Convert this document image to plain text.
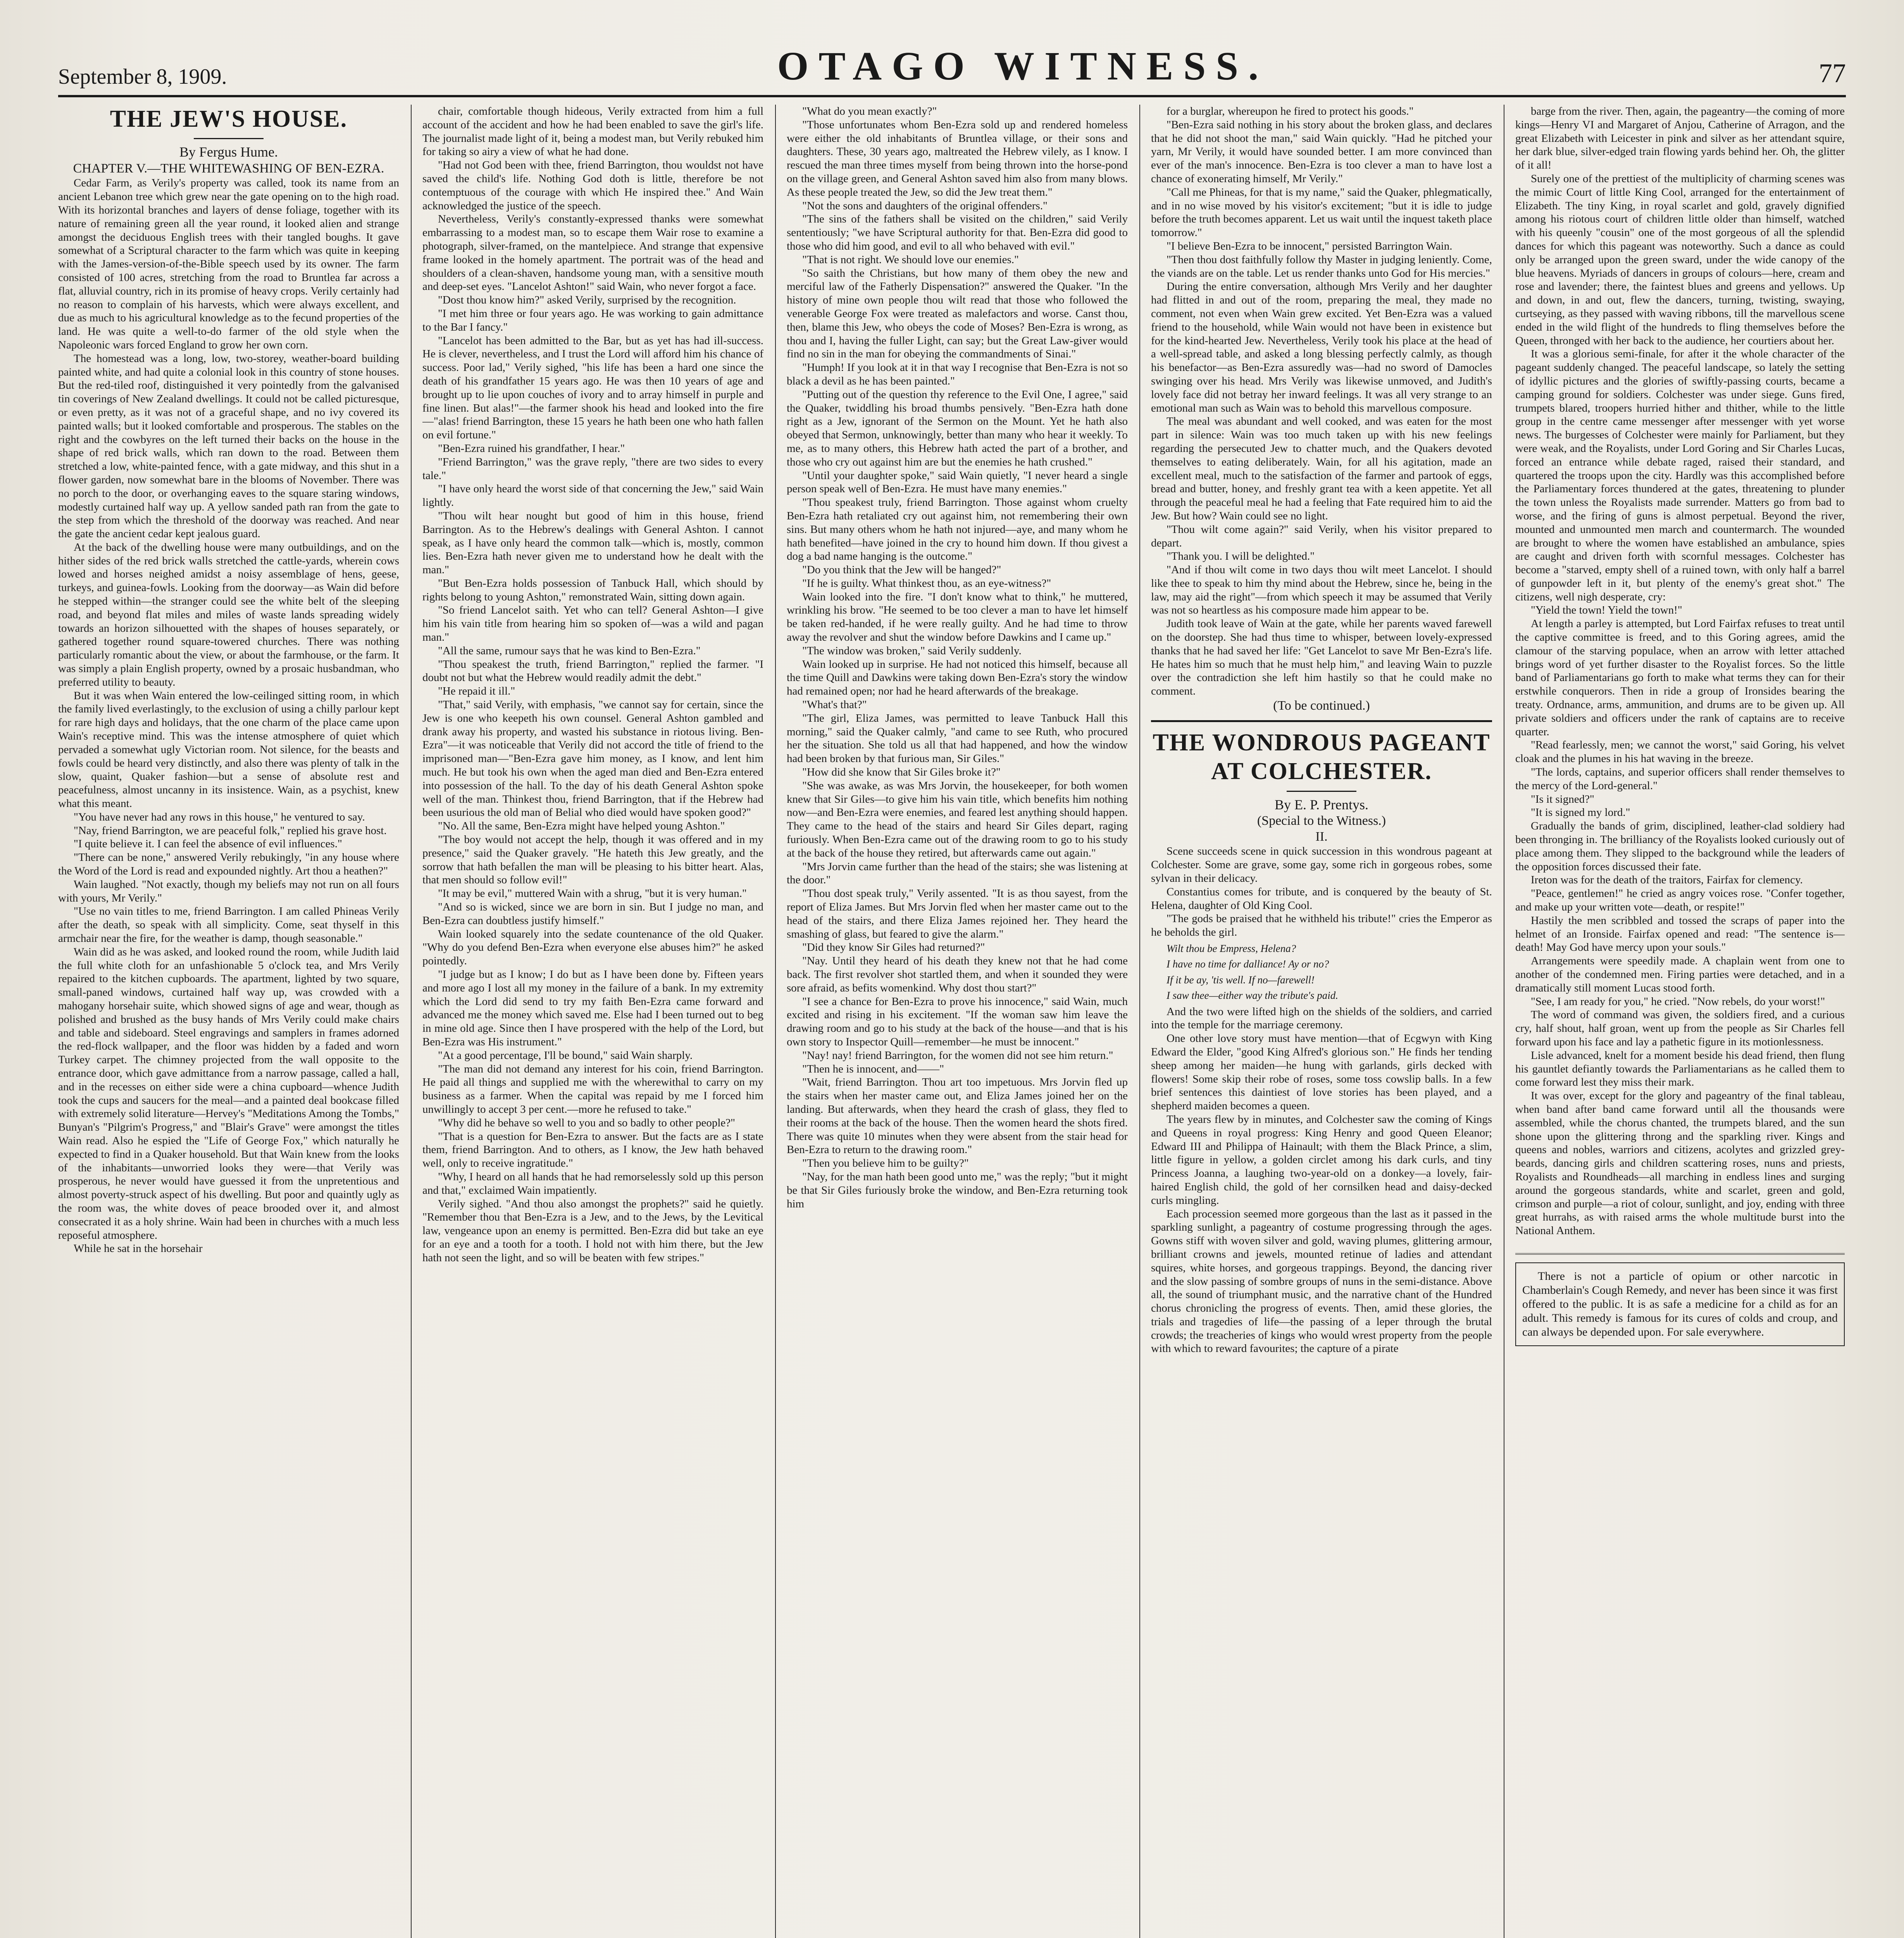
September 8, 1909.	OTAGO WITNESS.	77

THE JEW'S HOUSE.

By Fergus Hume.

CHAPTER V.—THE WHITEWASHING OF BEN-EZRA.

Cedar Farm, as Verily's property was called, took its name from an ancient Lebanon tree which grew near the gate opening on to the high road. With its horizontal branches and layers of dense foliage, together with its nature of remaining green all the year round, it looked alien and strange amongst the deciduous English trees with their tangled boughs. It gave somewhat of a Scriptural character to the farm which was quite in keeping with the James-version-of-the-Bible speech used by its owner. The farm consisted of 100 acres, stretching from the road to Bruntlea far across a flat, alluvial country, rich in its promise of heavy crops. Verily certainly had no reason to complain of his harvests, which were always excellent, and due as much to his agricultural knowledge as to the fecund properties of the land. He was quite a well-to-do farmer of the old style when the Napoleonic wars forced England to grow her own corn.

The homestead was a long, low, two-storey, weather-board building painted white, and had quite a colonial look in this country of stone houses. But the red-tiled roof, distinguished it very pointedly from the galvanised tin coverings of New Zealand dwellings. It could not be called picturesque, or even pretty, as it was not of a graceful shape, and no ivy covered its painted walls; but it looked comfortable and prosperous. The stables on the right and the cowbyres on the left turned their backs on the house in the shape of red brick walls, which ran down to the road. Between them stretched a low, white-painted fence, with a gate midway, and this shut in a flower garden, now somewhat bare in the blooms of November. There was no porch to the door, or overhanging eaves to the square staring windows, modestly curtained half way up. A yellow sanded path ran from the gate to the step from which the threshold of the doorway was reached. And near the gate the ancient cedar kept jealous guard.

At the back of the dwelling house were many outbuildings, and on the hither sides of the red brick walls stretched the cattle-yards, wherein cows lowed and horses neighed amidst a noisy assemblage of hens, geese, turkeys, and guinea-fowls. Looking from the doorway—as Wain did before he stepped within—the stranger could see the white belt of the sleeping road, and beyond flat miles and miles of waste lands spreading widely towards an horizon silhouetted with the shapes of houses separately, or gathered together round square-towered churches. There was nothing particularly romantic about the view, or about the farmhouse, or the farm. It was simply a plain English property, owned by a prosaic husbandman, who preferred utility to beauty.

But it was when Wain entered the low-ceilinged sitting room, in which the family lived everlastingly, to the exclusion of using a chilly parlour kept for rare high days and holidays, that the one charm of the place came upon Wain's receptive mind. This was the intense atmosphere of quiet which pervaded a somewhat ugly Victorian room. Not silence, for the beasts and fowls could be heard very distinctly, and also there was plenty of talk in the slow, quaint, Quaker fashion—but a sense of absolute rest and peacefulness, almost uncanny in its insistence. Wain, as a psychist, knew what this meant.

"You have never had any rows in this house," he ventured to say.

"Nay, friend Barrington, we are peaceful folk," replied his grave host.

"I quite believe it. I can feel the absence of evil influences."

"There can be none," answered Verily rebukingly, "in any house where the Word of the Lord is read and expounded nightly. Art thou a heathen?"

Wain laughed. "Not exactly, though my beliefs may not run on all fours with yours, Mr Verily."

"Use no vain titles to me, friend Barrington. I am called Phineas Verily after the death, so speak with all simplicity. Come, seat thyself in this armchair near the fire, for the weather is damp, though seasonable."

Wain did as he was asked, and looked round the room, while Judith laid the full white cloth for an unfashionable 5 o'clock tea, and Mrs Verily repaired to the kitchen cupboards. The apartment, lighted by two square, small-paned windows, curtained half way up, was crowded with a mahogany horsehair suite, which showed signs of age and wear, though as polished and brushed as the busy hands of Mrs Verily could make chairs and table and sideboard. Steel engravings and samplers in frames adorned the red-flock wallpaper, and the floor was hidden by a faded and worn Turkey carpet. The chimney projected from the wall opposite to the entrance door, which gave admittance from a narrow passage, called a hall, and in the recesses on either side were a china cupboard—whence Judith took the cups and saucers for the meal—and a painted deal bookcase filled with extremely solid literature—Hervey's "Meditations Among the Tombs," Bunyan's "Pilgrim's Progress," and "Blair's Grave" were amongst the titles Wain read. Also he espied the "Life of George Fox," which naturally he expected to find in a Quaker household. But that Wain knew from the looks of the inhabitants—unworried looks they were—that Verily was prosperous, he never would have guessed it from the unpretentious and almost poverty-struck aspect of his dwelling. But poor and quaintly ugly as the room was, the white doves of peace brooded over it, and almost consecrated it as a holy shrine. Wain had been in churches with a much less reposeful atmosphere.

While he sat in the horsehair

chair, comfortable though hideous, Verily extracted from him a full account of the accident and how he had been enabled to save the girl's life. The journalist made light of it, being a modest man, but Verily rebuked him for taking so airy a view of what he had done.

"Had not God been with thee, friend Barrington, thou wouldst not have saved the child's life. Nothing God doth is little, therefore be not contemptuous of the courage with which He inspired thee." And Wain acknowledged the justice of the speech.

Nevertheless, Verily's constantly-expressed thanks were somewhat embarrassing to a modest man, so to escape them Wair rose to examine a photograph, silver-framed, on the mantelpiece. And strange that expensive frame looked in the homely apartment. The portrait was of the head and shoulders of a clean-shaven, handsome young man, with a sensitive mouth and deep-set eyes. "Lancelot Ashton!" said Wain, who never forgot a face.

"Dost thou know him?" asked Verily, surprised by the recognition.

"I met him three or four years ago. He was working to gain admittance to the Bar I fancy."

"Lancelot has been admitted to the Bar, but as yet has had ill-success. He is clever, nevertheless, and I trust the Lord will afford him his chance of success. Poor lad," Verily sighed, "his life has been a hard one since the death of his grandfather 15 years ago. He was then 10 years of age and brought up to lie upon couches of ivory and to array himself in purple and fine linen. But alas!"—the farmer shook his head and looked into the fire—"alas! friend Barrington, these 15 years he hath been one who hath fallen on evil fortune."

"Ben-Ezra ruined his grandfather, I hear."

"Friend Barrington," was the grave reply, "there are two sides to every tale."

"I have only heard the worst side of that concerning the Jew," said Wain lightly.

"Thou wilt hear nought but good of him in this house, friend Barrington. As to the Hebrew's dealings with General Ashton. I cannot speak, as I have only heard the common talk—which is, mostly, common lies. Ben-Ezra hath never given me to understand how he dealt with the man."

"But Ben-Ezra holds possession of Tanbuck Hall, which should by rights belong to young Ashton," remonstrated Wain, sitting down again.

"So friend Lancelot saith. Yet who can tell? General Ashton—I give him his vain title from hearing him so spoken of—was a wild and pagan man."

"All the same, rumour says that he was kind to Ben-Ezra."

"Thou speakest the truth, friend Barrington," replied the farmer. "I doubt not but what the Hebrew would readily admit the debt."

"He repaid it ill."

"That," said Verily, with emphasis, "we cannot say for certain, since the Jew is one who keepeth his own counsel. General Ashton gambled and drank away his property, and wasted his substance in riotous living. Ben-Ezra"—it was noticeable that Verily did not accord the title of friend to the imprisoned man—"Ben-Ezra gave him money, as I know, and lent him much. He but took his own when the aged man died and Ben-Ezra entered into possession of the hall. To the day of his death General Ashton spoke well of the man. Thinkest thou, friend Barrington, that if the Hebrew had been usurious the old man of Belial who died would have spoken good?"

"No. All the same, Ben-Ezra might have helped young Ashton."

"The boy would not accept the help, though it was offered and in my presence," said the Quaker gravely. "He hateth this Jew greatly, and the sorrow that hath befallen the man will be pleasing to his bitter heart. Alas, that men should so follow evil!"

"It may be evil," muttered Wain with a shrug, "but it is very human."

"And so is wicked, since we are born in sin. But I judge no man, and Ben-Ezra can doubtless justify himself."

Wain looked squarely into the sedate countenance of the old Quaker. "Why do you defend Ben-Ezra when everyone else abuses him?" he asked pointedly.

"I judge but as I know; I do but as I have been done by. Fifteen years and more ago I lost all my money in the failure of a bank. In my extremity which the Lord did send to try my faith Ben-Ezra came forward and advanced me the money which saved me. Else had I been turned out to beg in mine old age. Since then I have prospered with the help of the Lord, but Ben-Ezra was His instrument."

"At a good percentage, I'll be bound," said Wain sharply.

"The man did not demand any interest for his coin, friend Barrington. He paid all things and supplied me with the wherewithal to carry on my business as a farmer. When the capital was repaid by me I forced him unwillingly to accept 3 per cent.—more he refused to take."

"Why did he behave so well to you and so badly to other people?"

"That is a question for Ben-Ezra to answer. But the facts are as I state them, friend Barrington. And to others, as I know, the Jew hath behaved well, only to receive ingratitude."

"Why, I heard on all hands that he had remorselessly sold up this person and that," exclaimed Wain impatiently.

Verily sighed. "And thou also amongst the prophets?" said he quietly. "Remember thou that Ben-Ezra is a Jew, and to the Jews, by the Levitical law, vengeance upon an enemy is permitted. Ben-Ezra did but take an eye for an eye and a tooth for a tooth. I hold not with him there, but the Jew hath not seen the light, and so will be beaten with few stripes."

"What do you mean exactly?"

"Those unfortunates whom Ben-Ezra sold up and rendered homeless were either the old inhabitants of Bruntlea village, or their sons and daughters. These, 30 years ago, maltreated the Hebrew vilely, as I know. I rescued the man three times myself from being thrown into the horse-pond on the village green, and General Ashton saved him also from many blows. As these people treated the Jew, so did the Jew treat them."

"Not the sons and daughters of the original offenders."

"The sins of the fathers shall be visited on the children," said Verily sententiously; "we have Scriptural authority for that. Ben-Ezra did good to those who did him good, and evil to all who behaved with evil."

"That is not right. We should love our enemies."

"So saith the Christians, but how many of them obey the new and merciful law of the Fatherly Dispensation?" answered the Quaker. "In the history of mine own people thou wilt read that those who followed the venerable George Fox were treated as malefactors and worse. Canst thou, then, blame this Jew, who obeys the code of Moses? Ben-Ezra is wrong, as thou and I, having the fuller Light, can say; but the Great Law-giver would find no sin in the man for obeying the commandments of Sinai."

"Humph! If you look at it in that way I recognise that Ben-Ezra is not so black a devil as he has been painted."

"Putting out of the question thy reference to the Evil One, I agree," said the Quaker, twiddling his broad thumbs pensively. "Ben-Ezra hath done right as a Jew, ignorant of the Sermon on the Mount. Yet he hath also obeyed that Sermon, unknowingly, better than many who hear it weekly. To me, as to many others, this Hebrew hath acted the part of a brother, and those who cry out against him are but the enemies he hath crushed."

"Until your daughter spoke," said Wain quietly, "I never heard a single person speak well of Ben-Ezra. He must have many enemies."

"Thou speakest truly, friend Barrington. Those against whom cruelty Ben-Ezra hath retaliated cry out against him, not remembering their own sins. But many others whom he hath not injured—aye, and many whom he hath benefited—have joined in the cry to hound him down. If thou givest a dog a bad name hanging is the outcome."

"Do you think that the Jew will be hanged?"

"If he is guilty. What thinkest thou, as an eye-witness?"

Wain looked into the fire. "I don't know what to think," he muttered, wrinkling his brow. "He seemed to be too clever a man to have let himself be taken red-handed, if he were really guilty. And he had time to throw away the revolver and shut the window before Dawkins and I came up."

"The window was broken," said Verily suddenly.

Wain looked up in surprise. He had not noticed this himself, because all the time Quill and Dawkins were taking down Ben-Ezra's story the window had remained open; nor had he heard afterwards of the breakage.

"What's that?"

"The girl, Eliza James, was permitted to leave Tanbuck Hall this morning," said the Quaker calmly, "and came to see Ruth, who procured her the situation. She told us all that had happened, and how the window had been broken by that furious man, Sir Giles."

"How did she know that Sir Giles broke it?"

"She was awake, as was Mrs Jorvin, the housekeeper, for both women knew that Sir Giles—to give him his vain title, which benefits him nothing now—and Ben-Ezra were enemies, and feared lest anything should happen. They came to the head of the stairs and heard Sir Giles depart, raging furiously. When Ben-Ezra came out of the drawing room to go to his study at the back of the house they retired, but afterwards came out again."

"Mrs Jorvin came further than the head of the stairs; she was listening at the door."

"Thou dost speak truly," Verily assented. "It is as thou sayest, from the report of Eliza James. But Mrs Jorvin fled when her master came out to the head of the stairs, and there Eliza James rejoined her. They heard the smashing of glass, but feared to give the alarm."

"Did they know Sir Giles had returned?"

"Nay. Until they heard of his death they knew not that he had come back. The first revolver shot startled them, and when it sounded they were sore afraid, as befits womenkind. Why dost thou start?"

"I see a chance for Ben-Ezra to prove his innocence," said Wain, much excited and rising in his excitement. "If the woman saw him leave the drawing room and go to his study at the back of the house—and that is his own story to Inspector Quill—remember—he must be innocent."

"Nay! nay! friend Barrington, for the women did not see him return."

"Then he is innocent, and——"

"Wait, friend Barrington. Thou art too impetuous. Mrs Jorvin fled up the stairs when her master came out, and Eliza James joined her on the landing. But afterwards, when they heard the crash of glass, they fled to their rooms at the back of the house. Then the women heard the shots fired. There was quite 10 minutes when they were absent from the stair head for Ben-Ezra to return to the drawing room."

"Then you believe him to be guilty?"

"Nay, for the man hath been good unto me," was the reply; "but it might be that Sir Giles furiously broke the window, and Ben-Ezra returning took him

for a burglar, whereupon he fired to protect his goods."

"Ben-Ezra said nothing in his story about the broken glass, and declares that he did not shoot the man," said Wain quickly. "Had he pitched your yarn, Mr Verily, it would have sounded better. I am more convinced than ever of the man's innocence. Ben-Ezra is too clever a man to have lost a chance of exonerating himself, Mr Verily."

"Call me Phineas, for that is my name," said the Quaker, phlegmatically, and in no wise moved by his visitor's excitement; "but it is idle to judge before the truth becomes apparent. Let us wait until the inquest taketh place tomorrow."

"I believe Ben-Ezra to be innocent," persisted Barrington Wain.

"Then thou dost faithfully follow thy Master in judging leniently. Come, the viands are on the table. Let us render thanks unto God for His mercies."

During the entire conversation, although Mrs Verily and her daughter had flitted in and out of the room, preparing the meal, they made no comment, not even when Wain grew excited. Yet Ben-Ezra was a valued friend to the household, while Wain would not have been in existence but for the kind-hearted Jew. Nevertheless, Verily took his place at the head of a well-spread table, and asked a long blessing perfectly calmly, as though his benefactor—as Ben-Ezra assuredly was—had no sword of Damocles swinging over his head. Mrs Verily was likewise unmoved, and Judith's lovely face did not betray her inward feelings. It was all very strange to an emotional man such as Wain was to behold this marvellous composure.

The meal was abundant and well cooked, and was eaten for the most part in silence: Wain was too much taken up with his new feelings regarding the persecuted Jew to chatter much, and the Quakers devoted themselves to eating deliberately. Wain, for all his agitation, made an excellent meal, much to the satisfaction of the farmer and partook of eggs, bread and butter, honey, and freshly grant tea with a keen appetite. Yet all through the peaceful meal he had a feeling that Fate required him to aid the Jew. But how? Wain could see no light.

"Thou wilt come again?" said Verily, when his visitor prepared to depart.

"Thank you. I will be delighted."

"And if thou wilt come in two days thou wilt meet Lancelot. I should like thee to speak to him thy mind about the Hebrew, since he, being in the law, may aid the right"—from which speech it may be assumed that Verily was not so heartless as his composure made him appear to be.

Judith took leave of Wain at the gate, while her parents waved farewell on the doorstep. She had thus time to whisper, between lovely-expressed thanks that he had saved her life: "Get Lancelot to save Mr Ben-Ezra's life. He hates him so much that he must help him," and leaving Wain to puzzle over the contradiction she left him hastily so that he could make no comment.

(To be continued.)

THE WONDROUS PAGEANT AT COLCHESTER.

By E. P. Prentys.

(Special to the Witness.)

II.

Scene succeeds scene in quick succession in this wondrous pageant at Colchester. Some are grave, some gay, some rich in gorgeous robes, some sylvan in their delicacy.

Constantius comes for tribute, and is conquered by the beauty of St. Helena, daughter of Old King Cool.

"The gods be praised that he withheld his tribute!" cries the Emperor as he beholds the girl.

Wilt thou be Empress, Helena?

I have no time for dalliance! Ay or no?

If it be ay, 'tis well. If no—farewell!

I saw thee—either way the tribute's paid.

And the two were lifted high on the shields of the soldiers, and carried into the temple for the marriage ceremony.

One other love story must have mention—that of Ecgwyn with King Edward the Elder, "good King Alfred's glorious son." He finds her tending sheep among her maiden—he hung with garlands, girls decked with flowers! Some skip their robe of roses, some toss cowslip balls. In a few brief sentences this daintiest of love stories has been played, and a shepherd maiden becomes a queen.

The years flew by in minutes, and Colchester saw the coming of Kings and Queens in royal progress: King Henry and good Queen Eleanor; Edward III and Philippa of Hainault; with them the Black Prince, a slim, little figure in yellow, a golden circlet among his dark curls, and tiny Princess Joanna, a laughing two-year-old on a donkey—a lovely, fair-haired English child, the gold of her cornsilken head and daisy-decked curls mingling.

Each procession seemed more gorgeous than the last as it passed in the sparkling sunlight, a pageantry of costume progressing through the ages. Gowns stiff with woven silver and gold, waving plumes, glittering armour, brilliant crowns and jewels, mounted retinue of ladies and attendant squires, white horses, and gorgeous trappings. Beyond, the dancing river and the slow passing of sombre groups of nuns in the semi-distance. Above all, the sound of triumphant music, and the narrative chant of the Hundred chorus chronicling the progress of events. Then, amid these glories, the trials and tragedies of life—the passing of a leper through the brutal crowds; the treacheries of kings who would wrest property from the people with which to reward favourites; the capture of a pirate

barge from the river. Then, again, the pageantry—the coming of more kings—Henry VI and Margaret of Anjou, Catherine of Arragon, and the great Elizabeth with Leicester in pink and silver as her attendant squire, her dark blue, silver-edged train flowing yards behind her. Oh, the glitter of it all!

Surely one of the prettiest of the multiplicity of charming scenes was the mimic Court of little King Cool, arranged for the entertainment of Elizabeth. The tiny King, in royal scarlet and gold, gravely dignified among his riotous court of children little older than himself, watched with his queenly "cousin" one of the most gorgeous of all the splendid dances for which this pageant was noteworthy. Such a dance as could only be arranged upon the green sward, under the wide canopy of the blue heavens. Myriads of dancers in groups of colours—here, cream and rose and lavender; there, the faintest blues and greens and yellows. Up and down, in and out, flew the dancers, turning, twisting, swaying, curtseying, as they passed with waving ribbons, till the marvellous scene ended in the wild flight of the hundreds to fling themselves before the Queen, thronged with her back to the audience, her courtiers about her.

It was a glorious semi-finale, for after it the whole character of the pageant suddenly changed. The peaceful landscape, so lately the setting of idyllic pictures and the glories of swiftly-passing courts, became a camping ground for soldiers. Colchester was under siege. Guns fired, trumpets blared, troopers hurried hither and thither, while to the little group in the centre came messenger after messenger with yet worse news. The burgesses of Colchester were mainly for Parliament, but they were weak, and the Royalists, under Lord Goring and Sir Charles Lucas, forced an entrance while debate raged, raised their standard, and quartered the troops upon the city. Hardly was this accomplished before the Parliamentary forces thundered at the gates, threatening to plunder the town unless the Royalists made surrender. Matters go from bad to worse, and the firing of guns is almost perpetual. Beyond the river, mounted and unmounted men march and countermarch. The wounded are brought to where the women have established an ambulance, spies are caught and driven forth with scornful messages. Colchester has become a "starved, empty shell of a ruined town, with only half a barrel of gunpowder left in it, but plenty of the enemy's great shot." The citizens, well nigh desperate, cry:

"Yield the town! Yield the town!"

At length a parley is attempted, but Lord Fairfax refuses to treat until the captive committee is freed, and to this Goring agrees, amid the clamour of the starving populace, when an arrow with letter attached brings word of yet further disaster to the Royalist forces. So the little band of Parliamentarians go forth to make what terms they can for their erstwhile conquerors. Then in ride a group of Ironsides bearing the treaty. Ordnance, arms, ammunition, and drums are to be given up. All private soldiers and officers under the rank of captains are to receive quarter.

"Read fearlessly, men; we cannot the worst," said Goring, his velvet cloak and the plumes in his hat waving in the breeze.

"The lords, captains, and superior officers shall render themselves to the mercy of the Lord-general."

"Is it signed?"

"It is signed my lord."

Gradually the bands of grim, disciplined, leather-clad soldiery had been thronging in. The brilliancy of the Royalists looked curiously out of place among them. They slipped to the background while the leaders of the opposition forces discussed their fate.

Ireton was for the death of the traitors, Fairfax for clemency.

"Peace, gentlemen!" he cried as angry voices rose. "Confer together, and make up your written vote—death, or respite!"

Hastily the men scribbled and tossed the scraps of paper into the helmet of an Ironside. Fairfax opened and read: "The sentence is—death! May God have mercy upon your souls."

Arrangements were speedily made. A chaplain went from one to another of the condemned men. Firing parties were detached, and in a dramatically still moment Lucas stood forth.

"See, I am ready for you," he cried. "Now rebels, do your worst!"

The word of command was given, the soldiers fired, and a curious cry, half shout, half groan, went up from the people as Sir Charles fell forward upon his face and lay a pathetic figure in its motionlessness.

Lisle advanced, knelt for a moment beside his dead friend, then flung his gauntlet defiantly towards the Parliamentarians as he called them to come forward lest they miss their mark.

It was over, except for the glory and pageantry of the final tableau, when band after band came forward until all the thousands were assembled, while the chorus chanted, the trumpets blared, and the sun shone upon the glittering throng and the sparkling river. Kings and queens and nobles, warriors and citizens, acolytes and grizzled grey-beards, dancing girls and children scattering roses, nuns and priests, Royalists and Roundheads—all marching in endless lines and surging around the gorgeous standards, white and scarlet, green and gold, crimson and purple—a riot of colour, sunlight, and joy, ending with three great hurrahs, as with raised arms the whole multitude burst into the National Anthem.

There is not a particle of opium or other narcotic in Chamberlain's Cough Remedy, and never has been since it was first offered to the public. It is as safe a medicine for a child as for an adult. This remedy is famous for its cures of colds and croup, and can always be depended upon. For sale everywhere.
